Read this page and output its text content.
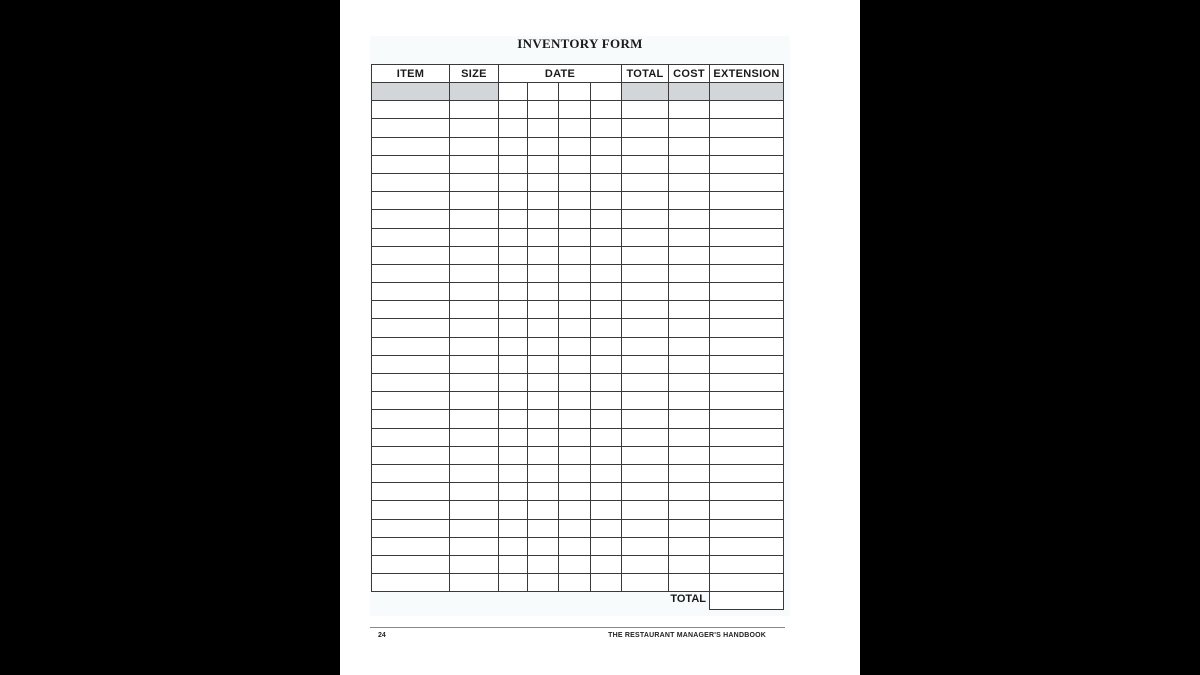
INVENTORY FORM
ITEM	SIZE	DATE				TOTAL	COST	EXTENSION

TOTAL
24	THE RESTAURANT MANAGER'S HANDBOOK
